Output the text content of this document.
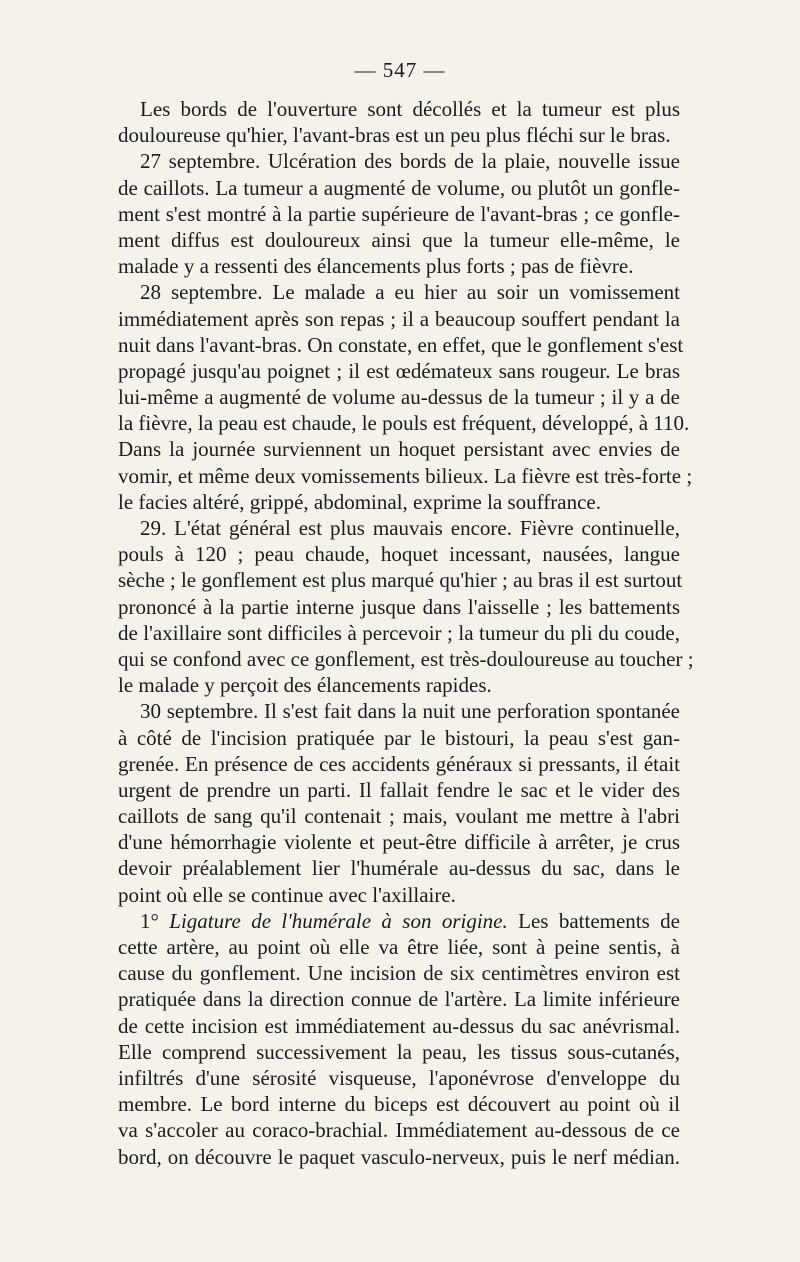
— 547 —
Les bords de l'ouverture sont décollés et la tumeur est plus
douloureuse qu'hier, l'avant-bras est un peu plus fléchi sur le bras.
27 septembre. Ulcération des bords de la plaie, nouvelle issue
de caillots. La tumeur a augmenté de volume, ou plutôt un gonfle-
ment s'est montré à la partie supérieure de l'avant-bras ; ce gonfle-
ment diffus est douloureux ainsi que la tumeur elle-même, le
malade y a ressenti des élancements plus forts ; pas de fièvre.
28 septembre. Le malade a eu hier au soir un vomissement
immédiatement après son repas ; il a beaucoup souffert pendant la
nuit dans l'avant-bras. On constate, en effet, que le gonflement s'est
propagé jusqu'au poignet ; il est œdémateux sans rougeur. Le bras
lui-même a augmenté de volume au-dessus de la tumeur ; il y a de
la fièvre, la peau est chaude, le pouls est fréquent, développé, à 110.
Dans la journée surviennent un hoquet persistant avec envies de
vomir, et même deux vomissements bilieux. La fièvre est très-forte ;
le facies altéré, grippé, abdominal, exprime la souffrance.
29. L'état général est plus mauvais encore. Fièvre continuelle,
pouls à 120 ; peau chaude, hoquet incessant, nausées, langue
sèche ; le gonflement est plus marqué qu'hier ; au bras il est surtout
prononcé à la partie interne jusque dans l'aisselle ; les battements
de l'axillaire sont difficiles à percevoir ; la tumeur du pli du coude,
qui se confond avec ce gonflement, est très-douloureuse au toucher ;
le malade y perçoit des élancements rapides.
30 septembre. Il s'est fait dans la nuit une perforation spontanée
à côté de l'incision pratiquée par le bistouri, la peau s'est gan-
grenée. En présence de ces accidents généraux si pressants, il était
urgent de prendre un parti. Il fallait fendre le sac et le vider des
caillots de sang qu'il contenait ; mais, voulant me mettre à l'abri
d'une hémorrhagie violente et peut-être difficile à arrêter, je crus
devoir préalablement lier l'humérale au-dessus du sac, dans le
point où elle se continue avec l'axillaire.
1° Ligature de l'humérale à son origine. Les battements de
cette artère, au point où elle va être liée, sont à peine sentis, à
cause du gonflement. Une incision de six centimètres environ est
pratiquée dans la direction connue de l'artère. La limite inférieure
de cette incision est immédiatement au-dessus du sac anévrismal.
Elle comprend successivement la peau, les tissus sous-cutanés,
infiltrés d'une sérosité visqueuse, l'aponévrose d'enveloppe du
membre. Le bord interne du biceps est découvert au point où il
va s'accoler au coraco-brachial. Immédiatement au-dessous de ce
bord, on découvre le paquet vasculo-nerveux, puis le nerf médian.
